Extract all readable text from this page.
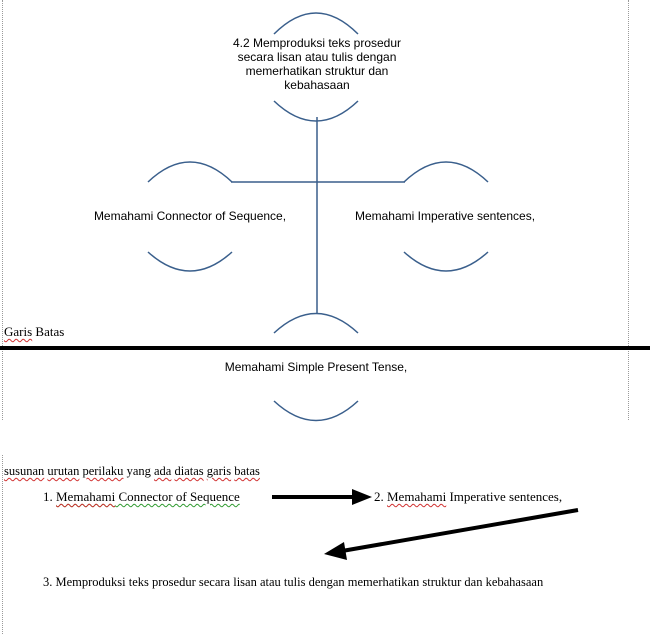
4.2 Memproduksi teks prosedur secara lisan atau tulis dengan memerhatikan struktur dan kebahasaan
Memahami Connector of Sequence,	Memahami Imperative sentences,
Memahami Simple Present Tense,
Garis Batas
susunan urutan perilaku yang ada diatas garis batas
1. Memahami Connector of Sequence	2. Memahami Imperative sentences,
3. Memproduksi teks prosedur secara lisan atau tulis dengan memerhatikan struktur dan kebahasaan
